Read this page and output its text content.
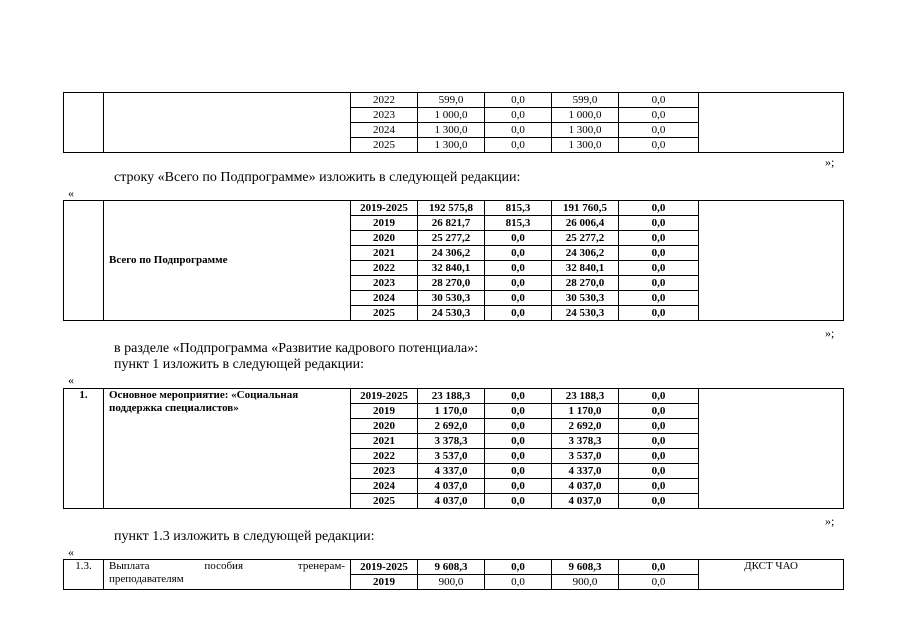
		2022	599,0	0,0	599,0	0,0	
		2023	1 000,0	0,0	1 000,0	0,0	
		2024	1 300,0	0,0	1 300,0	0,0	
		2025	1 300,0	0,0	1 300,0	0,0	
»;
строку «Всего по Подпрограмме» изложить в следующей редакции:
«
	Всего по Подпрограмме	2019-2025	192 575,8	815,3	191 760,5	0,0	
		2019	26 821,7	815,3	26 006,4	0,0	
		2020	25 277,2	0,0	25 277,2	0,0	
		2021	24 306,2	0,0	24 306,2	0,0	
		2022	32 840,1	0,0	32 840,1	0,0	
		2023	28 270,0	0,0	28 270,0	0,0	
		2024	30 530,3	0,0	30 530,3	0,0	
		2025	24 530,3	0,0	24 530,3	0,0	
»;
в разделе «Подпрограмма «Развитие кадрового потенциала»:
пункт 1 изложить в следующей редакции:
«
1.	Основное мероприятие: «Социальная поддержка специалистов»	2019-2025	23 188,3	0,0	23 188,3	0,0	
		2019	1 170,0	0,0	1 170,0	0,0	
		2020	2 692,0	0,0	2 692,0	0,0	
		2021	3 378,3	0,0	3 378,3	0,0	
		2022	3 537,0	0,0	3 537,0	0,0	
		2023	4 337,0	0,0	4 337,0	0,0	
		2024	4 037,0	0,0	4 037,0	0,0	
		2025	4 037,0	0,0	4 037,0	0,0	
»;
пункт 1.3 изложить в следующей редакции:
«
1.3.	Выплата пособия тренерам-
преподавателям	2019-2025	9 608,3	0,0	9 608,3	0,0	ДКСТ ЧАО
		2019	900,0	0,0	900,0	0,0	
